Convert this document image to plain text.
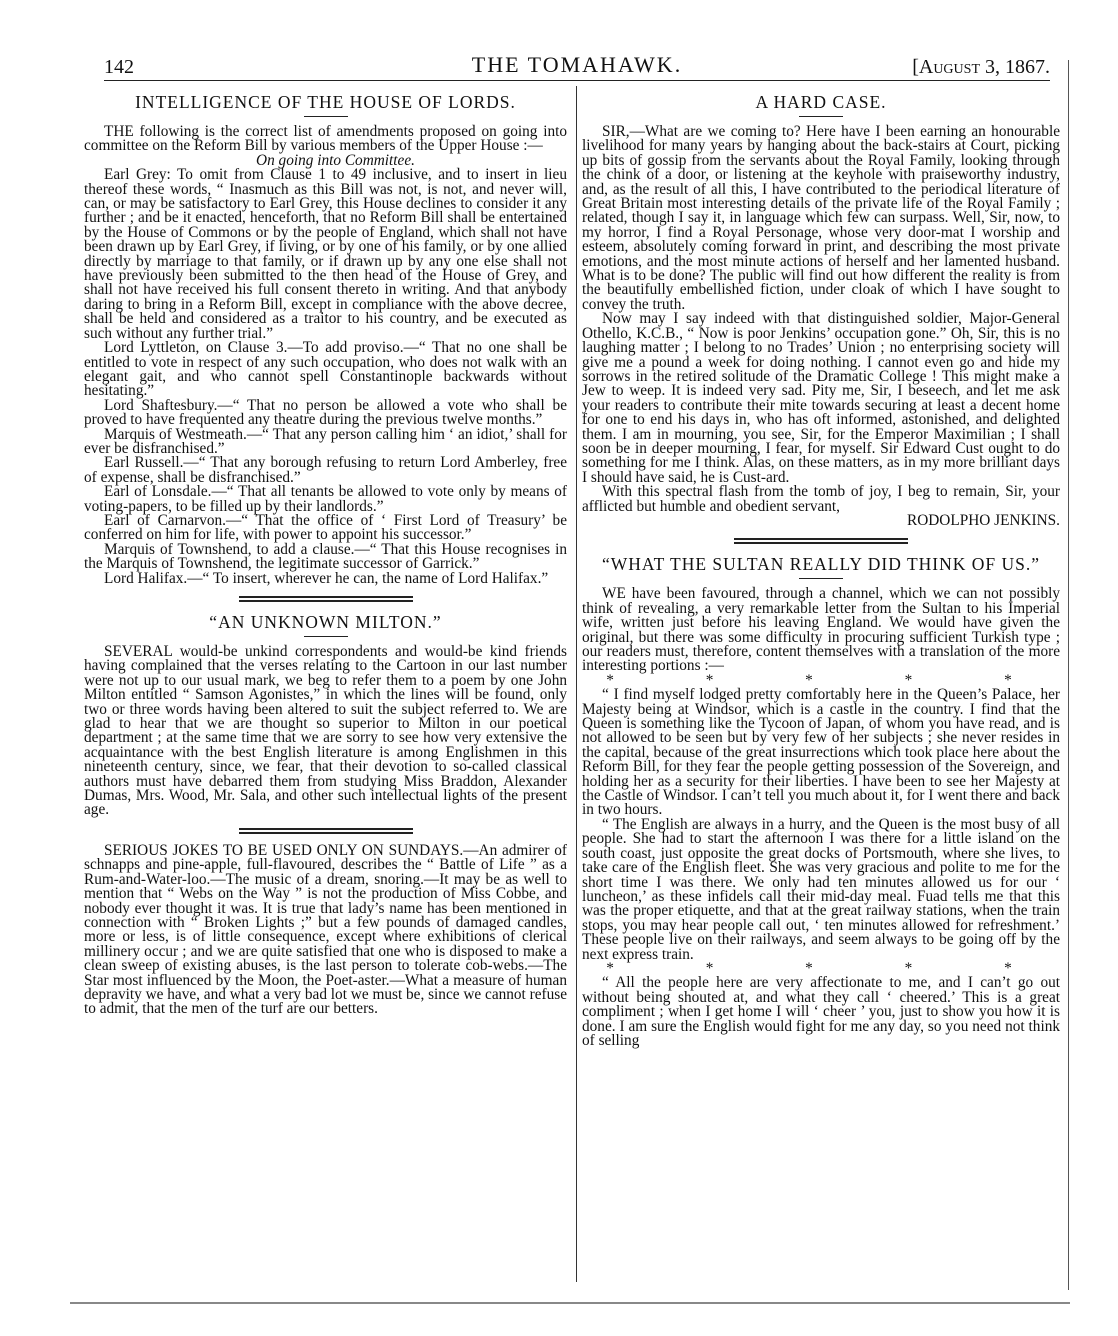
142	THE TOMAHAWK.	[August 3, 1867.
INTELLIGENCE OF THE HOUSE OF LORDS.

THE following is the correct list of amendments proposed on going into committee on the Reform Bill by various members of the Upper House :—

On going into Committee.

Earl Grey: To omit from Clause 1 to 49 inclusive, and to insert in lieu thereof these words, “ Inasmuch as this Bill was not, is not, and never will, can, or may be satisfactory to Earl Grey, this House declines to consider it any further ; and be it enacted, henceforth, that no Reform Bill shall be entertained by the House of Commons or by the people of England, which shall not have been drawn up by Earl Grey, if living, or by one of his family, or by one allied directly by marriage to that family, or if drawn up by any one else shall not have previously been submitted to the then head of the House of Grey, and shall not have received his full consent thereto in writing. And that anybody daring to bring in a Reform Bill, except in compliance with the above decree, shall be held and considered as a traitor to his country, and be executed as such without any further trial.”

Lord Lyttleton, on Clause 3.—To add proviso.—“ That no one shall be entitled to vote in respect of any such occupation, who does not walk with an elegant gait, and who cannot spell Constantinople backwards without hesitating.”

Lord Shaftesbury.—“ That no person be allowed a vote who shall be proved to have frequented any theatre during the previous twelve months.”

Marquis of Westmeath.—“ That any person calling him ‘ an idiot,’ shall for ever be disfranchised.”

Earl Russell.—“ That any borough refusing to return Lord Amberley, free of expense, shall be disfranchised.”

Earl of Lonsdale.—“ That all tenants be allowed to vote only by means of voting-papers, to be filled up by their landlords.”

Earl of Carnarvon.—“ That the office of ‘ First Lord of Treasury’ be conferred on him for life, with power to appoint his successor.”

Marquis of Townshend, to add a clause.—“ That this House recognises in the Marquis of Townshend, the legitimate successor of Garrick.”

Lord Halifax.—“ To insert, wherever he can, the name of Lord Halifax.”

“AN UNKNOWN MILTON.”

SEVERAL would-be unkind correspondents and would-be kind friends having complained that the verses relating to the Cartoon in our last number were not up to our usual mark, we beg to refer them to a poem by one John Milton entitled “ Samson Agonistes,” in which the lines will be found, only two or three words having been altered to suit the subject referred to. We are glad to hear that we are thought so superior to Milton in our poetical department ; at the same time that we are sorry to see how very extensive the acquaintance with the best English literature is among Englishmen in this nineteenth century, since, we fear, that their devotion to so-called classical authors must have debarred them from studying Miss Braddon, Alexander Dumas, Mrs. Wood, Mr. Sala, and other such intellectual lights of the present age.

SERIOUS JOKES TO BE USED ONLY ON SUNDAYS.—An admirer of schnapps and pine-apple, full-flavoured, describes the “ Battle of Life ” as a Rum-and-Water-loo.—The music of a dream, snoring.—It may be as well to mention that “ Webs on the Way ” is not the production of Miss Cobbe, and nobody ever thought it was. It is true that lady’s name has been mentioned in connection with “ Broken Lights ;” but a few pounds of damaged candles, more or less, is of little consequence, except where exhibitions of clerical millinery occur ; and we are quite satisfied that one who is disposed to make a clean sweep of existing abuses, is the last person to tolerate cob-webs.—The Star most influenced by the Moon, the Poet-aster.—What a measure of human depravity we have, and what a very bad lot we must be, since we cannot refuse to admit, that the men of the turf are our betters.

A HARD CASE.

SIR,—What are we coming to? Here have I been earning an honourable livelihood for many years by hanging about the back-stairs at Court, picking up bits of gossip from the servants about the Royal Family, looking through the chink of a door, or listening at the keyhole with praiseworthy industry, and, as the result of all this, I have contributed to the periodical literature of Great Britain most interesting details of the private life of the Royal Family ; related, though I say it, in language which few can surpass. Well, Sir, now, to my horror, I find a Royal Personage, whose very door-mat I worship and esteem, absolutely coming forward in print, and describing the most private emotions, and the most minute actions of herself and her lamented husband. What is to be done? The public will find out how different the reality is from the beautifully embellished fiction, under cloak of which I have sought to convey the truth.

Now may I say indeed with that distinguished soldier, Major-General Othello, K.C.B., “ Now is poor Jenkins’ occupation gone.” Oh, Sir, this is no laughing matter ; I belong to no Trades’ Union ; no enterprising society will give me a pound a week for doing nothing. I cannot even go and hide my sorrows in the retired solitude of the Dramatic College ! This might make a Jew to weep. It is indeed very sad. Pity me, Sir, I beseech, and let me ask your readers to contribute their mite towards securing at least a decent home for one to end his days in, who has oft informed, astonished, and delighted them. I am in mourning, you see, Sir, for the Emperor Maximilian ; I shall soon be in deeper mourning, I fear, for myself. Sir Edward Cust ought to do something for me I think. Alas, on these matters, as in my more brilliant days I should have said, he is Cust-ard.

With this spectral flash from the tomb of joy, I beg to remain, Sir, your afflicted but humble and obedient servant,

RODOLPHO JENKINS.

“WHAT THE SULTAN REALLY DID THINK OF US.”

WE have been favoured, through a channel, which we can not possibly think of revealing, a very remarkable letter from the Sultan to his Imperial wife, written just before his leaving England. We would have given the original, but there was some difficulty in procuring sufficient Turkish type ; our readers must, therefore, content themselves with a translation of the more interesting portions :—

* * * * *

“ I find myself lodged pretty comfortably here in the Queen’s Palace, her Majesty being at Windsor, which is a castle in the country. I find that the Queen is something like the Tycoon of Japan, of whom you have read, and is not allowed to be seen but by very few of her subjects ; she never resides in the capital, because of the great insurrections which took place here about the Reform Bill, for they fear the people getting possession of the Sovereign, and holding her as a security for their liberties. I have been to see her Majesty at the Castle of Windsor. I can’t tell you much about it, for I went there and back in two hours.

“ The English are always in a hurry, and the Queen is the most busy of all people. She had to start the afternoon I was there for a little island on the south coast, just opposite the great docks of Portsmouth, where she lives, to take care of the English fleet. She was very gracious and polite to me for the short time I was there. We only had ten minutes allowed us for our ‘ luncheon,’ as these infidels call their mid-day meal. Fuad tells me that this was the proper etiquette, and that at the great railway stations, when the train stops, you may hear people call out, ‘ ten minutes allowed for refreshment.’ These people live on their railways, and seem always to be going off by the next express train.

* * * * *

“ All the people here are very affectionate to me, and I can’t go out without being shouted at, and what they call ‘ cheered.’ This is a great compliment ; when I get home I will ‘ cheer ’ you, just to show you how it is done. I am sure the English would fight for me any day, so you need not think of selling
